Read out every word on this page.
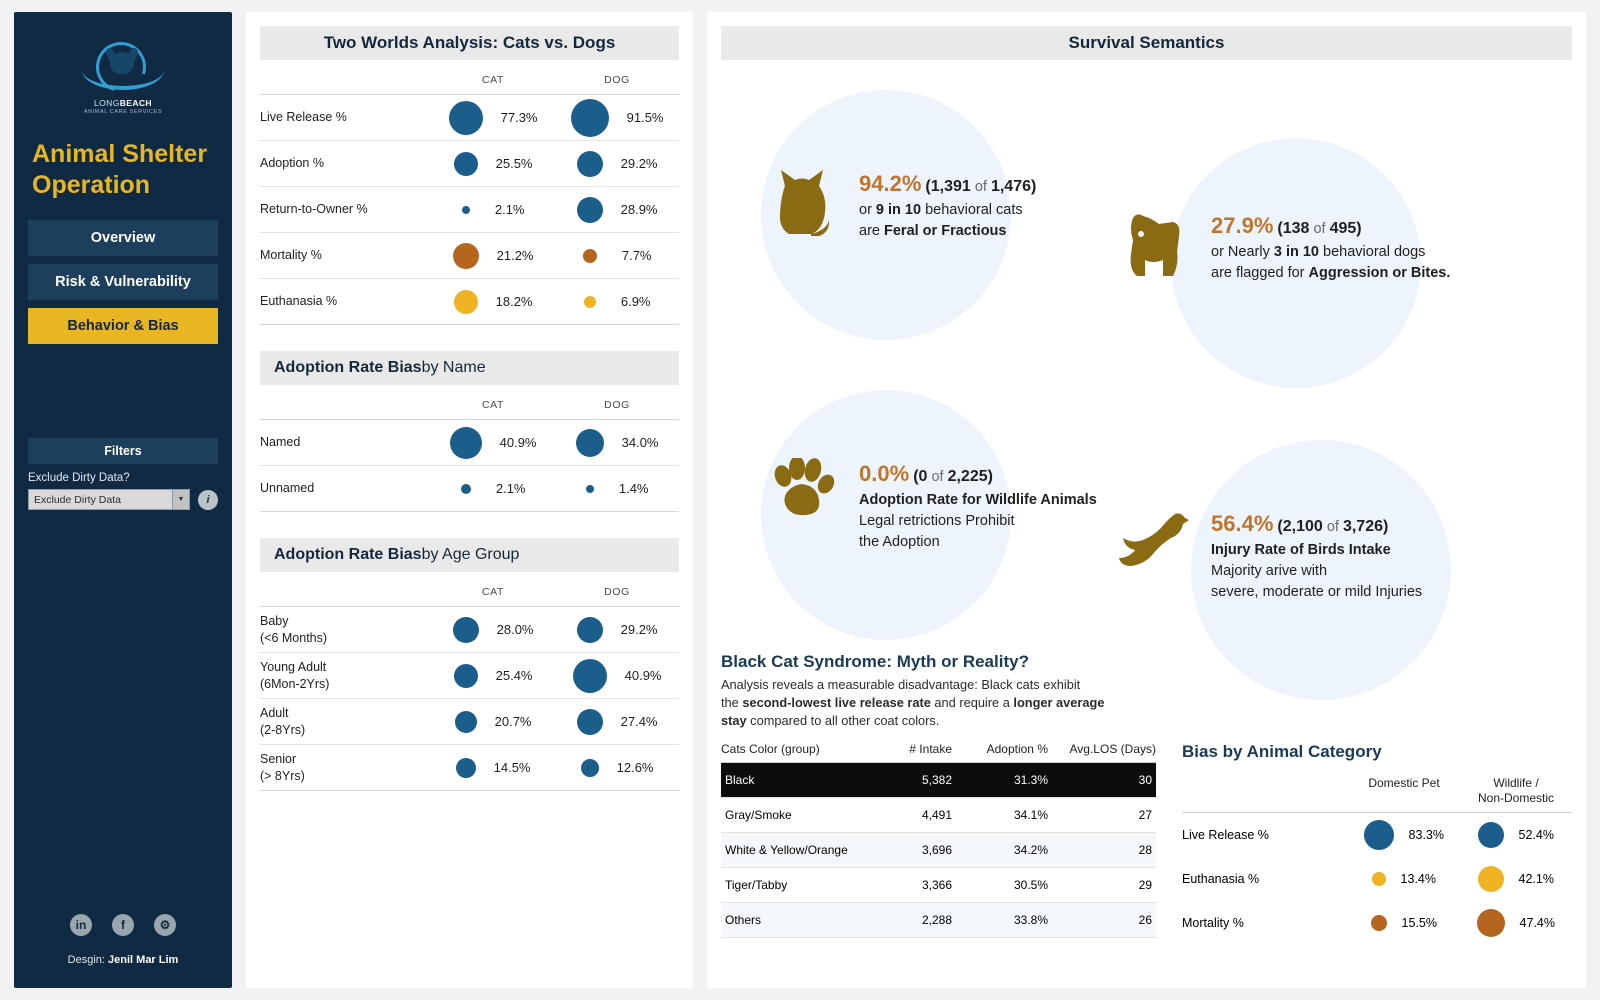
LONGBEACH
ANIMAL CARE SERVICES
Animal Shelter Operation
Overview
Risk & Vulnerability
Behavior & Bias
Filters
Exclude Dirty Data?
Exclude Dirty Data	▼	i
in	f	⚙
Desgin: Jenil Mar Lim
Two Worlds Analysis: Cats vs. Dogs
CAT	DOG
Live Release %	77.3%	91.5%
Adoption %	25.5%	29.2%
Return-to-Owner %	2.1%	28.9%
Mortality %	21.2%	7.7%
Euthanasia %	18.2%	6.9%
Adoption Rate Bias by Name
CAT	DOG
Named	40.9%	34.0%
Unnamed	2.1%	1.4%
Adoption Rate Bias by Age Group
CAT	DOG
Baby
(<6 Months)
28.0%	29.2%
Young Adult
(6Mon-2Yrs)
25.4%	40.9%
Adult
(2-8Yrs)
20.7%	27.4%
Senior
(> 8Yrs)
14.5%	12.6%
Survival Semantics
94.2% (1,391 of 1,476)
or 9 in 10 behavioral cats
are Feral or Fractious	27.9% (138 of 495)
or Nearly 3 in 10 behavioral dogs
are flagged for Aggression or Bites.
0.0% (0 of 2,225)
Adoption Rate for Wildlife Animals
Legal retrictions Prohibit
the Adoption
56.4% (2,100 of 3,726)
Injury Rate of Birds Intake
Majority arive with
severe, moderate or mild Injuries
Black Cat Syndrome: Myth or Reality?
Analysis reveals a measurable disadvantage: Black cats exhibit
the second-lowest live release rate and require a longer average
stay compared to all other coat colors.
Cats Color (group)	# Intake	Adoption %	Avg.LOS (Days)
Black	5,382	31.3%	30
Gray/Smoke	4,491	34.1%	27
White & Yellow/Orange	3,696	34.2%	28
Tiger/Tabby	3,366	30.5%	29
Others	2,288	33.8%	26
Bias by Animal Category
Domestic Pet	Wildlife /
Non-Domestic
Live Release %	83.3%	52.4%
Euthanasia %	13.4%	42.1%
Mortality %	15.5%	47.4%
